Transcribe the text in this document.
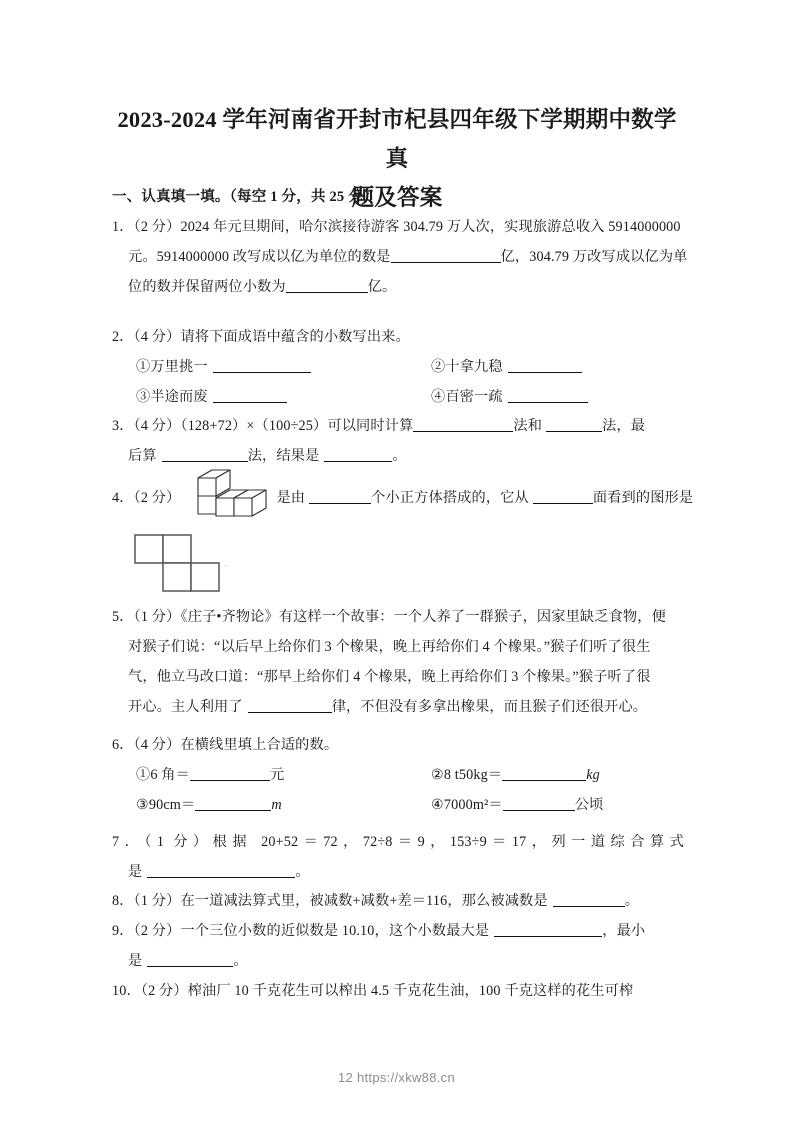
2023-2024 学年河南省开封市杞县四年级下学期期中数学真
题及答案
一、认真填一填。（每空 1 分，共 25 分）
1．（2 分）2024 年元旦期间，哈尔滨接待游客 304.79 万人次，实现旅游总收入 5914000000
元。5914000000 改写成以亿为单位的数是	亿，304.79 万改写成以亿为单
位的数并保留两位小数为	亿。
2．（4 分）请将下面成语中蕴含的小数写出来。
①万里挑一	②十拿九稳
③半途而废	④百密一疏
3．（4 分）（128+72）×（100÷25）可以同时计算	法和	法，最
后算	法，结果是	。
4．（2 分）	是由	个小正方体搭成的，它从	面看到的图形是
。
5．（1 分）《庄子•齐物论》有这样一个故事：一个人养了一群猴子，因家里缺乏食物，便
对猴子们说：“以后早上给你们 3 个橡果，晚上再给你们 4 个橡果。”猴子们听了很生
气，他立马改口道：“那早上给你们 4 个橡果，晚上再给你们 3 个橡果。”猴子听了很
开心。主人利用了	律，不但没有多拿出橡果，而且猴子们还很开心。
6．（4 分）在横线里填上合适的数。
①6 角＝	元	②8 t50kg＝	kg
③90cm＝	m	④7000m²＝	公顷
7．（1 分）根据 20+52＝72，72÷8＝9，153÷9＝17，列一道综合算式
是	。
8．（1 分）在一道减法算式里，被减数+减数+差＝116，那么被减数是	。
9．（2 分）一个三位小数的近似数是 10.10，这个小数最大是	，最小
是	。
10．（2 分）榨油厂 10 千克花生可以榨出 4.5 千克花生油，100 千克这样的花生可榨
12 https://xkw88.cn
